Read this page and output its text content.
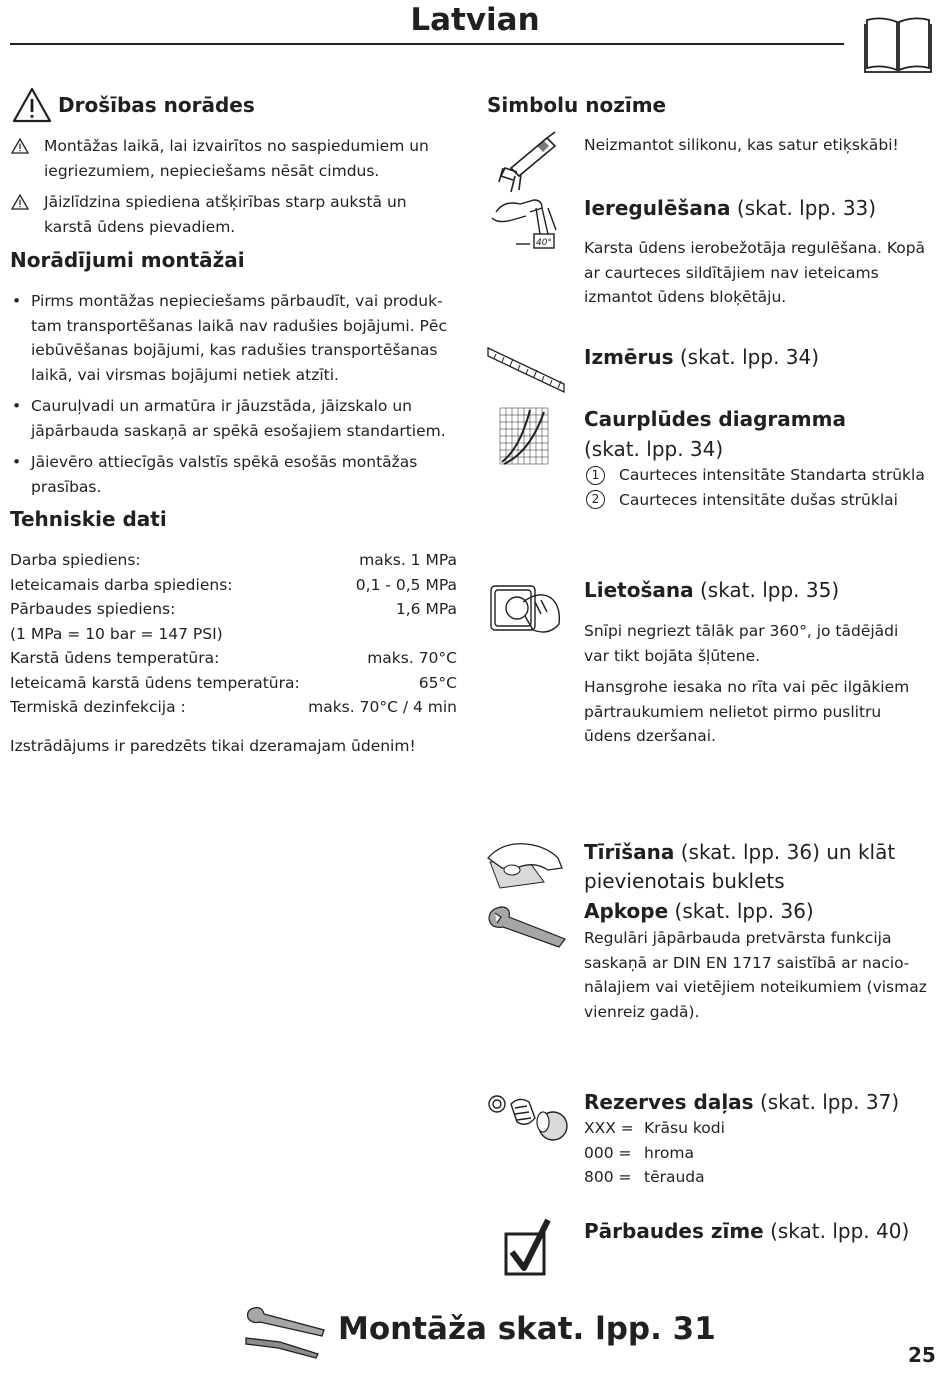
Latvian
Drošības norādes
Montāžas laikā, lai izvairītos no saspiedumiem un iegriezumiem, nepieciešams nēsāt cimdus.
Jāizlīdzina spiediena atšķirības starp aukstā un karstā ūdens pievadiem.
Norādījumi montāžai
• Pirms montāžas nepieciešams pārbaudīt, vai produktam transportēšanas laikā nav radušies bojājumi. Pēc iebūvēšanas bojājumi, kas radušies transportēšanas laikā, vai virsmas bojājumi netiek atzīti.
• Cauruļvadi un armatūra ir jāuzstāda, jāizskalo un jāpārbauda saskaņā ar spēkā esošajiem standartiem.
• Jāievēro attiecīgās valstīs spēkā esošās montāžas prasības.
Tehniskie dati
Darba spiediens:	maks. 1 MPa
Ieteicamais darba spiediens:	0,1 - 0,5 MPa
Pārbaudes spiediens:	1,6 MPa
(1 MPa = 10 bar = 147 PSI)
Karstā ūdens temperatūra:	maks. 70°C
Ieteicamā karstā ūdens temperatūra:	65°C
Termiskā dezinfekcija :	maks. 70°C / 4 min
Izstrādājums ir paredzēts tikai dzeramajam ūdenim!
Simbolu nozīme
Neizmantot silikonu, kas satur etiķskābi!
40°
Ieregulēšana (skat. lpp. 33)
Karsta ūdens ierobežotāja regulēšana. Kopā ar caurteces sildītājiem nav ieteicams izmantot ūdens bloķētāju.
Izmērus (skat. lpp. 34)
Caurplūdes diagramma
(skat. lpp. 34)
1	Caurteces intensitāte Standarta strūkla
2	Caurteces intensitāte dušas strūklai
Lietošana (skat. lpp. 35)
Snīpi negriezt tālāk par 360°, jo tādējādi var tikt bojāta šļūtene.
Hansgrohe iesaka no rīta vai pēc ilgākiem pārtraukumiem nelietot pirmo puslitru ūdens dzeršanai.
Tīrīšana (skat. lpp. 36) un klāt pievienotais buklets
Apkope (skat. lpp. 36)
Regulāri jāpārbauda pretvārsta funkcija saskaņā ar DIN EN 1717 saistībā ar nacionālajiem vai vietējiem noteikumiem (vismaz vienreiz gadā).
Rezerves daļas (skat. lpp. 37)
XXX = Krāsu kodi
000 = hroma
800 = tērauda
Pārbaudes zīme (skat. lpp. 40)
Montāža skat. lpp. 31
25
